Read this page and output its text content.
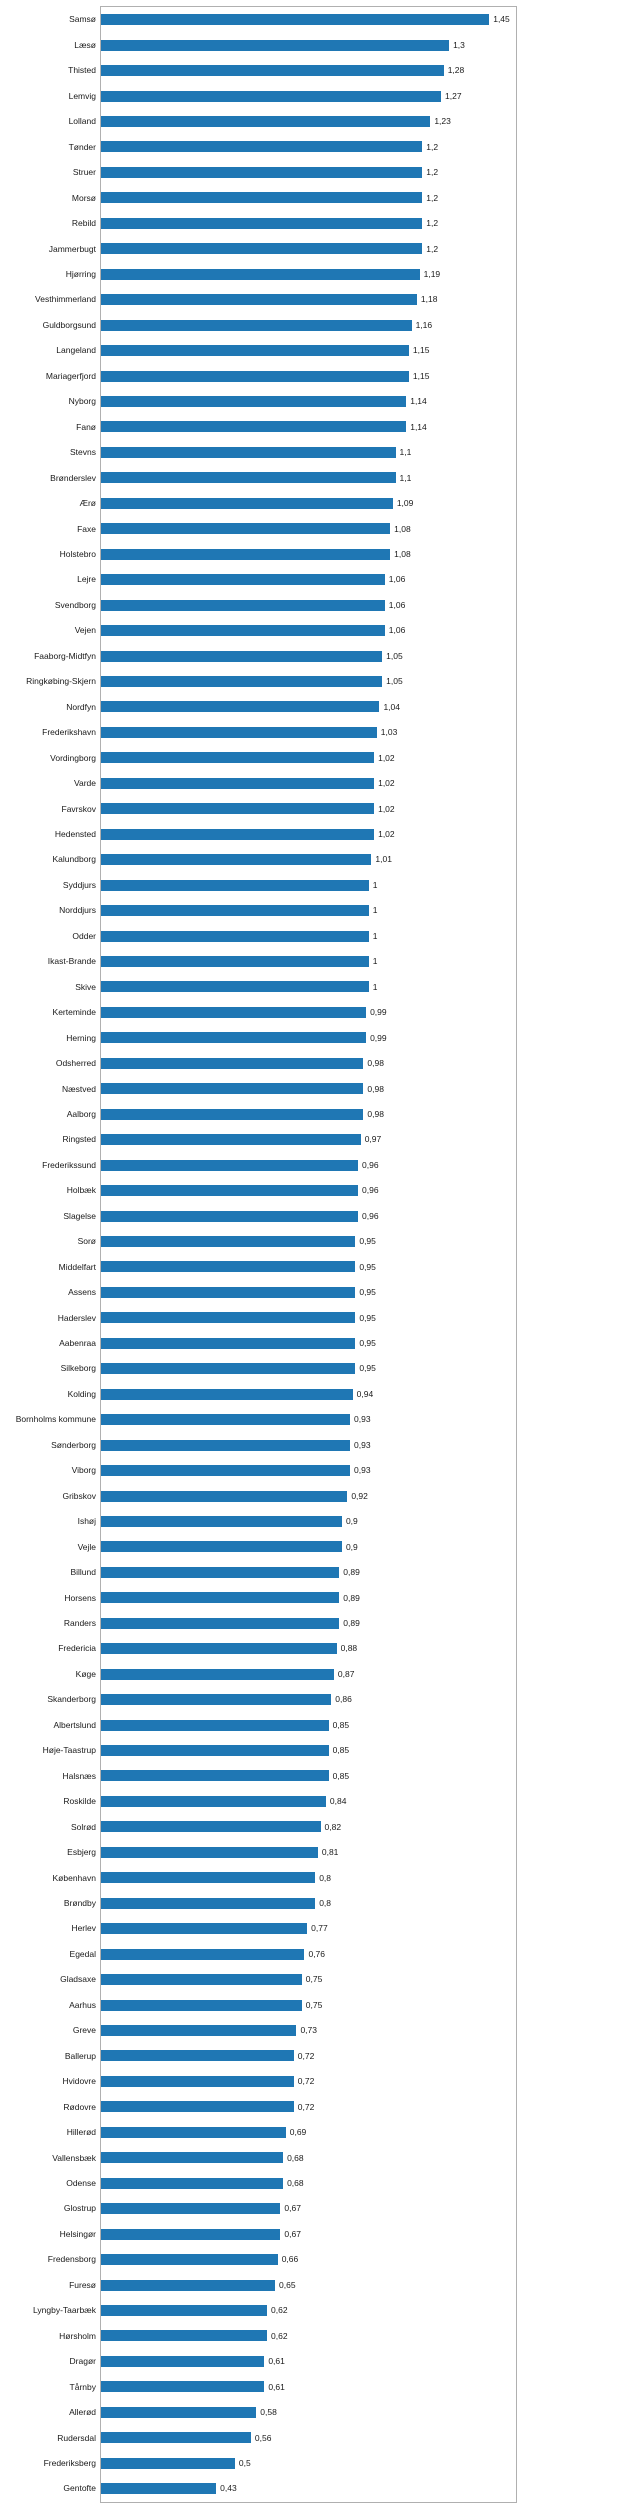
Samsø	1,45
Læsø	1,3
Thisted	1,28
Lemvig	1,27
Lolland	1,23
Tønder	1,2
Struer	1,2
Morsø	1,2
Rebild	1,2
Jammerbugt	1,2
Hjørring	1,19
Vesthimmerland	1,18
Guldborgsund	1,16
Langeland	1,15
Mariagerfjord	1,15
Nyborg	1,14
Fanø	1,14
Stevns	1,1
Brønderslev	1,1
Ærø	1,09
Faxe	1,08
Holstebro	1,08
Lejre	1,06
Svendborg	1,06
Vejen	1,06
Faaborg-Midtfyn	1,05
Ringkøbing-Skjern	1,05
Nordfyn	1,04
Frederikshavn	1,03
Vordingborg	1,02
Varde	1,02
Favrskov	1,02
Hedensted	1,02
Kalundborg	1,01
Syddjurs	1
Norddjurs	1
Odder	1
Ikast-Brande	1
Skive	1
Kerteminde	0,99
Herning	0,99
Odsherred	0,98
Næstved	0,98
Aalborg	0,98
Ringsted	0,97
Frederikssund	0,96
Holbæk	0,96
Slagelse	0,96
Sorø	0,95
Middelfart	0,95
Assens	0,95
Haderslev	0,95
Aabenraa	0,95
Silkeborg	0,95
Kolding	0,94
Bornholms kommune	0,93
Sønderborg	0,93
Viborg	0,93
Gribskov	0,92
Ishøj	0,9
Vejle	0,9
Billund	0,89
Horsens	0,89
Randers	0,89
Fredericia	0,88
Køge	0,87
Skanderborg	0,86
Albertslund	0,85
Høje-Taastrup	0,85
Halsnæs	0,85
Roskilde	0,84
Solrød	0,82
Esbjerg	0,81
København	0,8
Brøndby	0,8
Herlev	0,77
Egedal	0,76
Gladsaxe	0,75
Aarhus	0,75
Greve	0,73
Ballerup	0,72
Hvidovre	0,72
Rødovre	0,72
Hillerød	0,69
Vallensbæk	0,68
Odense	0,68
Glostrup	0,67
Helsingør	0,67
Fredensborg	0,66
Furesø	0,65
Lyngby-Taarbæk	0,62
Hørsholm	0,62
Dragør	0,61
Tårnby	0,61
Allerød	0,58
Rudersdal	0,56
Frederiksberg	0,5
Gentofte	0,43
